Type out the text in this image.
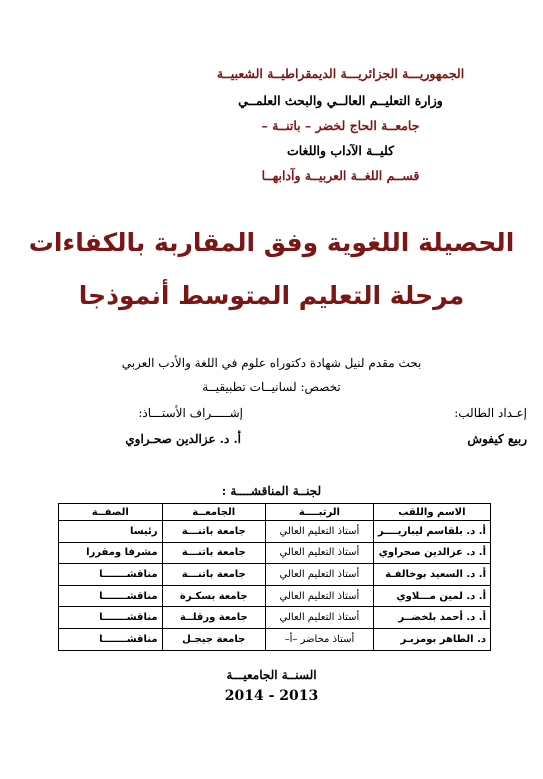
الجمهوريـــة الجزائريـــة الديمقراطيــة الشعبيــة
وزارة التعليــم العالــي والبحث العلمــي
جامعــة الحاج لخضر – باتنــة –
كليــة الآداب واللغات
قســم اللغــة العربيــة وآدابهــا
الحصيلة اللغوية وفق المقاربة بالكفاءات
مرحلة التعليم المتوسط أنموذجا
بحث مقدم لنيل شهادة دكتوراه علوم في اللغة والأدب العربي
تخصص: لسانيــات تطبيقيــة
إعـداد الطالب:
ربيع كيفوش
إشـــــراف الأستـــاذ:
أ. د. عزالدين صحـراوي
لجنــة المناقشــــة :
الاسم واللقب	الرتبــــة	الجامعــة	الصفــة
أ. د. بلقاسم ليباريــــر	أستاذ التعليم العالي	جامعة باتنـــة	رئيسا
أ. د. عزالدين صحراوي	أستاذ التعليم العالي	جامعة باتنـــة	مشرفا ومقررا
أ. د. السعيد بوخالفـة	أستاذ التعليم العالي	جامعة باتنـــة	مناقشـــــــا
أ. د. لمين مـــلاوي	أستاذ التعليم العالي	جامعة بسكـرة	مناقشـــــــا
أ. د. أحمد بلخضــر	أستاذ التعليم العالي	جامعة ورقلــة	مناقشـــــــا
د. الطاهر بومزبـر	أستاذ محاضر –أ–	جامعة جيجـل	مناقشـــــــا
السنــة الجامعيـــة
2014 - 2013
